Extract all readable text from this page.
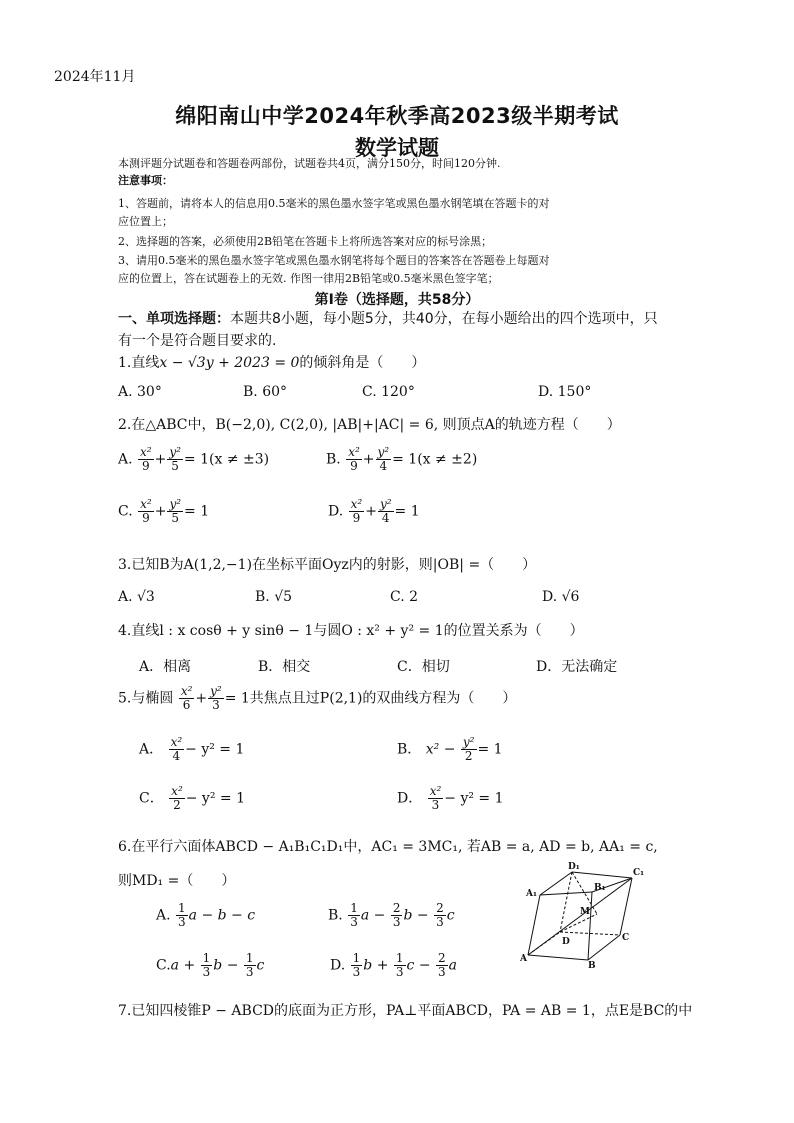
2024年11月
绵阳南山中学2024年秋季高2023级半期考试
数学试题
本测评题分试题卷和答题卷两部份，试题卷共4页，满分150分，时间120分钟.
注意事项：
1、答题前，请将本人的信息用0.5毫米的黑色墨水签字笔或黑色墨水钢笔填在答题卡的对
应位置上；
2、选择题的答案，必须使用2B铅笔在答题卡上将所选答案对应的标号涂黑；
3、请用0.5毫米的黑色墨水签字笔或黑色墨水钢笔将每个题目的答案答在答题卷上每题对
应的位置上，答在试题卷上的无效. 作图一律用2B铅笔或0.5毫米黑色签字笔；
第Ⅰ卷（选择题，共58分）
一、单项选择题：本题共8小题，每小题5分，共40分，在每小题给出的四个选项中，只
有一个是符合题目要求的.
1.直线x − √3y + 2023 = 0的倾斜角是（　　）
A. 30°	B. 60°	C. 120°	D. 150°
2.在△ABC中，B(−2,0), C(2,0), |AB|+|AC| = 6, 则顶点A的轨迹方程（　　）
A. $\frac{\text{x²}}{9} + \frac{\text{y²}}{5} = 1(x \ne \pm 3)$	B. $\frac{\text{x²}}{9} + \frac{\text{y²}}{4} = 1(x \ne \pm 2)$
C. $\frac{\text{x²}}{9} + \frac{\text{y²}}{5} = 1$	D. $\frac{\text{x²}}{9} + \frac{\text{y²}}{4} = 1$
3.已知B为A(1,2,−1)在坐标平面Oyz内的射影，则|OB| =（　　）
A. √3	B. √5	C. 2	D. √6
4.直线l : x cosθ + y sinθ − 1与圆O : x² + y² = 1的位置关系为（　　）
A．相离	B．相交	C．相切	D．无法确定
5.与椭圆 $\frac{\text{x²}}{6} + \frac{\text{y²}}{3} = 1$共焦点且过P(2,1)的双曲线方程为（　　）
A． $\frac{\text{x²}}{4} - y^2 = 1$	B． $x^2 - \frac{\text{y²}}{2} = 1$
C． $\frac{\text{x²}}{2} - y^2 = 1$	D． $\frac{\text{x²}}{3} - y^2 = 1$
6.在平行六面体ABCD − A₁B₁C₁D₁中，AC₁ = 3MC₁, 若AB = a, AD = b, AA₁ = c,
则MD₁ =（　　）
A. $\frac{1}{3}$ a − b − c	B. $\frac{1}{3}$ $a - \frac{2}{3}$ $b - \frac{2}{3}$ c
$C.a + \frac{1}{3}$ $b - \frac{1}{3}$ c	D. $\frac{1}{3}$ $b + \frac{1}{3}$ $c - \frac{2}{3}$ a
D₁
C₁
A₁
B₁
M
D	C
A
B
7.已知四棱锥P − ABCD的底面为正方形，PA⊥平面ABCD，PA = AB = 1，点E是BC的中
